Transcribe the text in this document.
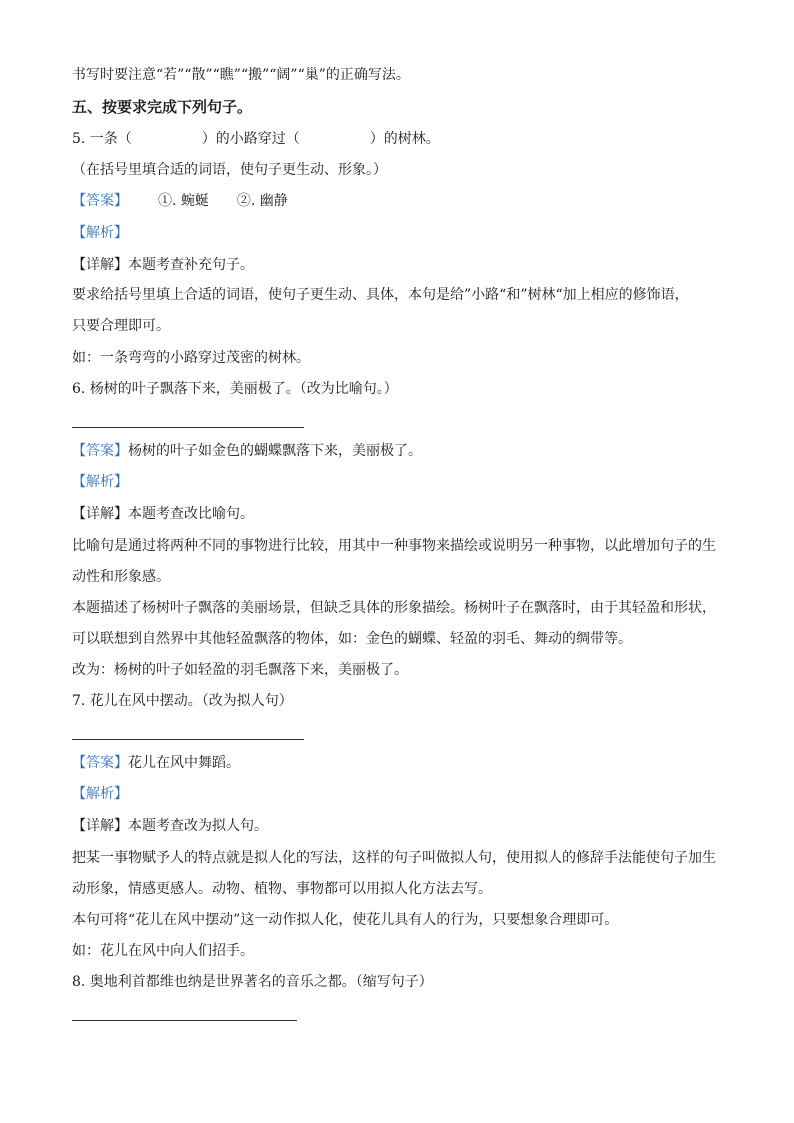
书写时要注意“若”“散”“瞧”“搬”“阔”“巢”的正确写法。
五、按要求完成下列句子。
5. 一条（	）的小路穿过（	）的树林。
（在括号里填合适的词语，使句子更生动、形象。）
【答案】 ①. 蜿蜒 ②. 幽静
【解析】
【详解】本题考查补充句子。
要求给括号里填上合适的词语，使句子更生动、具体，本句是给”小路“和”树林“加上相应的修饰语，
只要合理即可。
如：一条弯弯的小路穿过茂密的树林。
6. 杨树的叶子飘落下来，美丽极了。（改为比喻句。）
【答案】杨树的叶子如金色的蝴蝶飘落下来，美丽极了。
【解析】
【详解】本题考查改比喻句。
比喻句是通过将两种不同的事物进行比较，用其中一种事物来描绘或说明另一种事物，以此增加句子的生
动性和形象感。
本题描述了杨树叶子飘落的美丽场景，但缺乏具体的形象描绘。杨树叶子在飘落时，由于其轻盈和形状，
可以联想到自然界中其他轻盈飘落的物体，如：金色的蝴蝶、轻盈的羽毛、舞动的绸带等。
改为：杨树的叶子如轻盈的羽毛飘落下来，美丽极了。
7. 花儿在风中摆动。（改为拟人句）
【答案】花儿在风中舞蹈。
【解析】
【详解】本题考查改为拟人句。
把某一事物赋予人的特点就是拟人化的写法，这样的句子叫做拟人句，使用拟人的修辞手法能使句子加生
动形象，情感更感人。动物、植物、事物都可以用拟人化方法去写。
本句可将“花儿在风中摆动”这一动作拟人化，使花儿具有人的行为，只要想象合理即可。
如：花儿在风中向人们招手。
8. 奥地利首都维也纳是世界著名的音乐之都。（缩写句子）
